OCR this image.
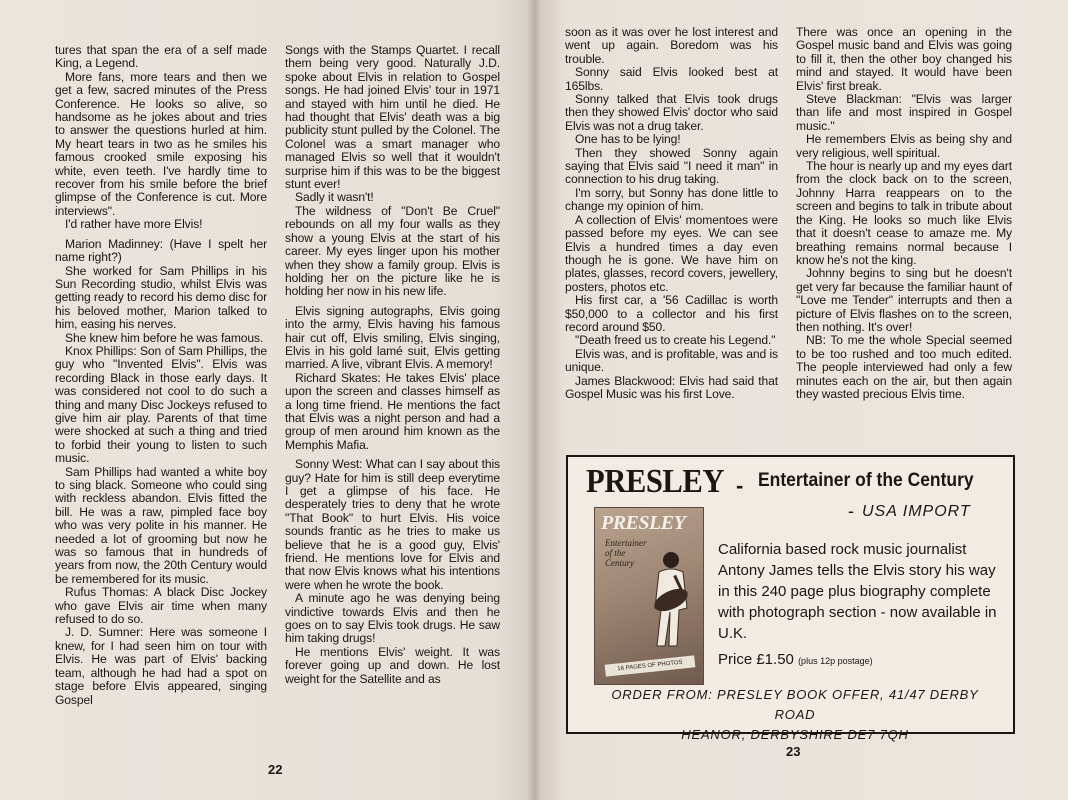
tures that span the era of a self made King, a Legend.

More fans, more tears and then we get a few, sacred minutes of the Press Conference. He looks so alive, so handsome as he jokes about and tries to answer the questions hurled at him. My heart tears in two as he smiles his famous crooked smile exposing his white, even teeth. I've hardly time to recover from his smile before the brief glimpse of the Conference is cut. More interviews".

I'd rather have more Elvis!

Marion Madinney: (Have I spelt her name right?)

She worked for Sam Phillips in his Sun Recording studio, whilst Elvis was getting ready to record his demo disc for his beloved mother, Marion talked to him, easing his nerves.

She knew him before he was famous.

Knox Phillips: Son of Sam Phillips, the guy who "Invented Elvis". Elvis was recording Black in those early days. It was considered not cool to do such a thing and many Disc Jockeys refused to give him air play. Parents of that time were shocked at such a thing and tried to forbid their young to listen to such music.

Sam Phillips had wanted a white boy to sing black. Someone who could sing with reckless abandon. Elvis fitted the bill. He was a raw, pimpled face boy who was very polite in his manner. He needed a lot of grooming but now he was so famous that in hundreds of years from now, the 20th Century would be remembered for its music.

Rufus Thomas: A black Disc Jockey who gave Elvis air time when many refused to do so.

J. D. Sumner: Here was someone I knew, for I had seen him on tour with Elvis. He was part of Elvis' backing team, although he had had a spot on stage before Elvis appeared, singing Gospel

Songs with the Stamps Quartet. I recall them being very good. Naturally J.D. spoke about Elvis in relation to Gospel songs. He had joined Elvis' tour in 1971 and stayed with him until he died. He had thought that Elvis' death was a big publicity stunt pulled by the Colonel. The Colonel was a smart manager who managed Elvis so well that it wouldn't surprise him if this was to be the biggest stunt ever!

Sadly it wasn't!

The wildness of "Don't Be Cruel" rebounds on all my four walls as they show a young Elvis at the start of his career. My eyes linger upon his mother when they show a family group. Elvis is holding her on the picture like he is holding her now in his new life.

Elvis signing autographs, Elvis going into the army, Elvis having his famous hair cut off, Elvis smiling, Elvis singing, Elvis in his gold lamé suit, Elvis getting married. A live, vibrant Elvis. A memory!

Richard Skates: He takes Elvis' place upon the screen and classes himself as a long time friend. He mentions the fact that Elvis was a night person and had a group of men around him known as the Memphis Mafia.

Sonny West: What can I say about this guy? Hate for him is still deep everytime I get a glimpse of his face. He desperately tries to deny that he wrote "That Book" to hurt Elvis. His voice sounds frantic as he tries to make us believe that he is a good guy, Elvis' friend. He mentions love for Elvis and that now Elvis knows what his intentions were when he wrote the book.

A minute ago he was denying being vindictive towards Elvis and then he goes on to say Elvis took drugs. He saw him taking drugs!

He mentions Elvis' weight. It was forever going up and down. He lost weight for the Satellite and as

22

soon as it was over he lost interest and went up again. Boredom was his trouble.

Sonny said Elvis looked best at 165lbs.

Sonny talked that Elvis took drugs then they showed Elvis' doctor who said Elvis was not a drug taker.

One has to be lying!

Then they showed Sonny again saying that Elvis said "I need it man" in connection to his drug taking.

I'm sorry, but Sonny has done little to change my opinion of him.

A collection of Elvis' momentoes were passed before my eyes. We can see Elvis a hundred times a day even though he is gone. We have him on plates, glasses, record covers, jewellery, posters, photos etc.

His first car, a '56 Cadillac is worth $50,000 to a collector and his first record around $50.

"Death freed us to create his Legend."

Elvis was, and is profitable, was and is unique.

James Blackwood: Elvis had said that Gospel Music was his first Love.

There was once an opening in the Gospel music band and Elvis was going to fill it, then the other boy changed his mind and stayed. It would have been Elvis' first break.

Steve Blackman: "Elvis was larger than life and most inspired in Gospel music."

He remembers Elvis as being shy and very religious, well spiritual.

The hour is nearly up and my eyes dart from the clock back on to the screen, Johnny Harra reappears on to the screen and begins to talk in tribute about the King. He looks so much like Elvis that it doesn't cease to amaze me. My breathing remains normal because I know he's not the king.

Johnny begins to sing but he doesn't get very far because the familiar haunt of "Love me Tender" interrupts and then a picture of Elvis flashes on to the screen, then nothing. It's over!

NB: To me the whole Special seemed to be too rushed and too much edited. The people interviewed had only a few minutes each on the air, but then again they wasted precious Elvis time.

PRESLEY - Entertainer of the Century
- USA IMPORT
PRESLEY
Entertainer of the Century
16 PAGES OF PHOTOS
California based rock music journalist Antony James tells the Elvis story his way in this 240 page plus biography complete with photograph section - now available in U.K.
Price £1.50 (plus 12p postage)
ORDER FROM: PRESLEY BOOK OFFER, 41/47 DERBY ROAD
HEANOR, DERBYSHIRE DE7 7QH
23
